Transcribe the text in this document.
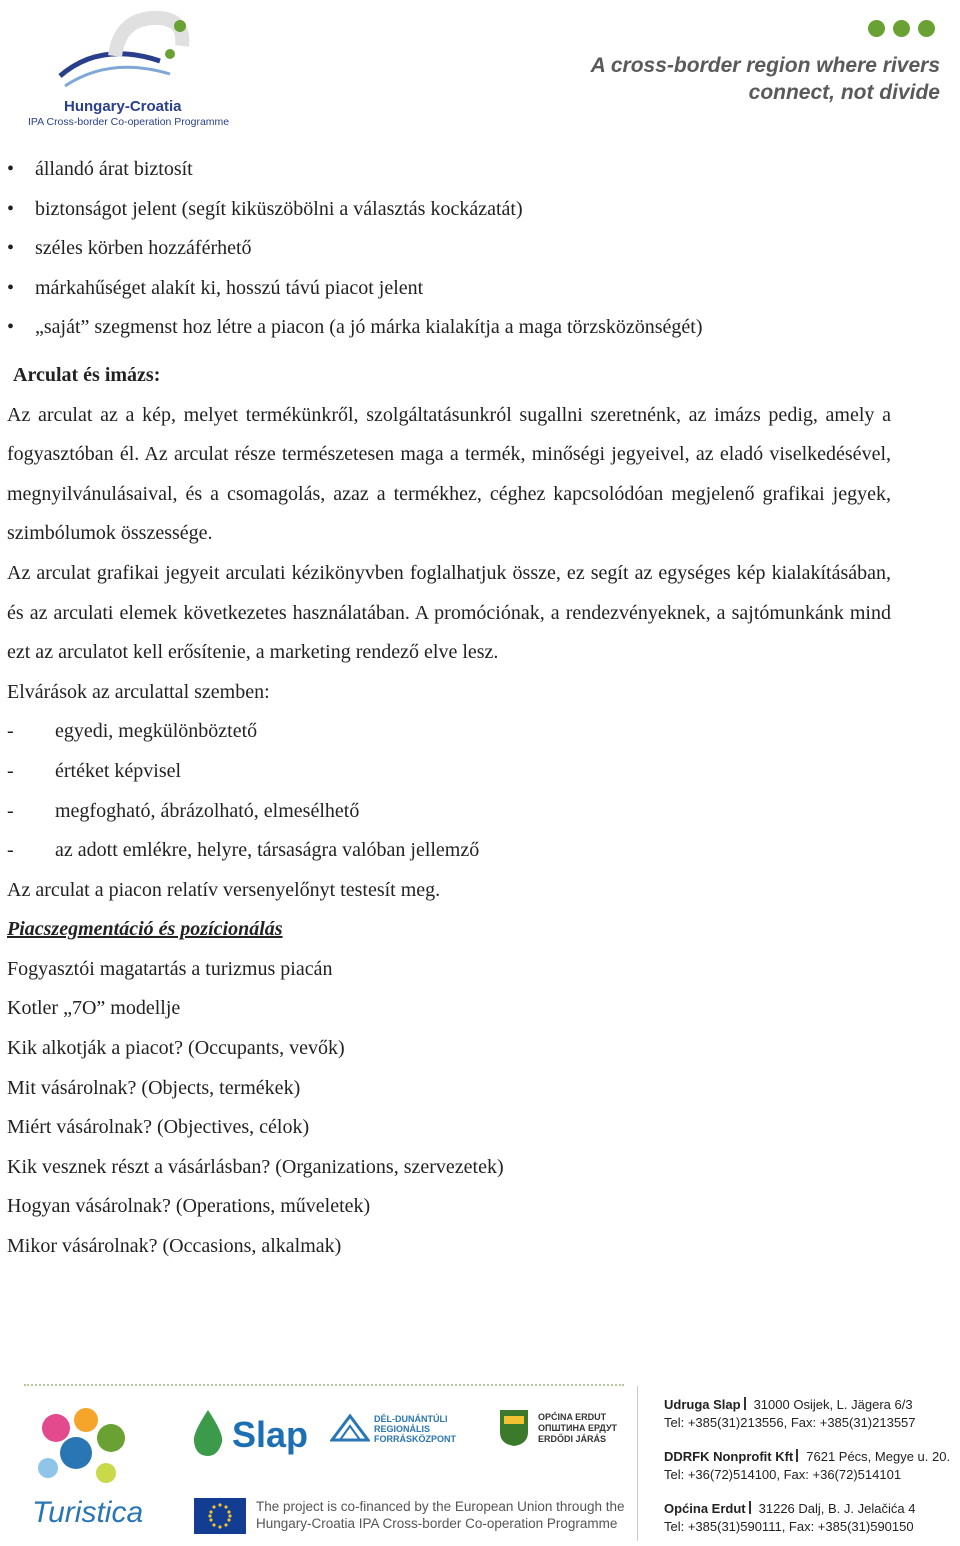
Hungary-Croatia
IPA Cross-border Co-operation Programme
A cross-border region where rivers
connect, not divide
• állandó árat biztosít
• biztonságot jelent (segít kiküszöbölni a választás kockázatát)
• széles körben hozzáférhető
• márkahűséget alakít ki, hosszú távú piacot jelent
• „saját” szegmenst hoz létre a piacon (a jó márka kialakítja a maga törzsközönségét)
Arculat és imázs:
Az arculat az a kép, melyet termékünkről, szolgáltatásunkról sugallni szeretnénk, az imázs pedig, amely a fogyasztóban él. Az arculat része természetesen maga a termék, minőségi jegyeivel, az eladó viselkedésével, megnyilvánulásaival, és a csomagolás, azaz a termékhez, céghez kapcsolódóan megjelenő grafikai jegyek, szimbólumok összessége.
Az arculat grafikai jegyeit arculati kézikönyvben foglalhatjuk össze, ez segít az egységes kép kialakításában, és az arculati elemek következetes használatában. A promóciónak, a rendezvényeknek, a sajtómunkánk mind ezt az arculatot kell erősítenie, a marketing rendező elve lesz.
Elvárások az arculattal szemben:
- egyedi, megkülönböztető
- értéket képvisel
- megfogható, ábrázolható, elmesélhető
- az adott emlékre, helyre, társaságra valóban jellemző
Az arculat a piacon relatív versenyelőnyt testesít meg.
Piacszegmentáció és pozícionálás
Fogyasztói magatartás a turizmus piacán
Kotler „7O” modellje
Kik alkotják a piacot? (Occupants, vevők)
Mit vásárolnak? (Objects, termékek)
Miért vásárolnak? (Objectives, célok)
Kik vesznek részt a vásárlásban? (Organizations, szervezetek)
Hogyan vásárolnak? (Operations, műveletek)
Mikor vásárolnak? (Occasions, alkalmak)
Turistica
Slap	DÉL-DUNÁNTÚLI REGIONÁLIS FORRÁSKÖZPONT
OPĆINA ERDUT
ОПШТИНА ЕРДУТ
ERDŐDI JÁRÁS
The project is co-financed by the European Union through the
Hungary-Croatia IPA Cross-border Co-operation Programme
Udruga Slap 31000 Osijek, L. Jägera 6/3
Tel: +385(31)213556, Fax: +385(31)213557
DDRFK Nonprofit Kft 7621 Pécs, Megye u. 20.
Tel: +36(72)514100, Fax: +36(72)514101
Općina Erdut 31226 Dalj, B. J. Jelačića 4
Tel: +385(31)590111, Fax: +385(31)590150
